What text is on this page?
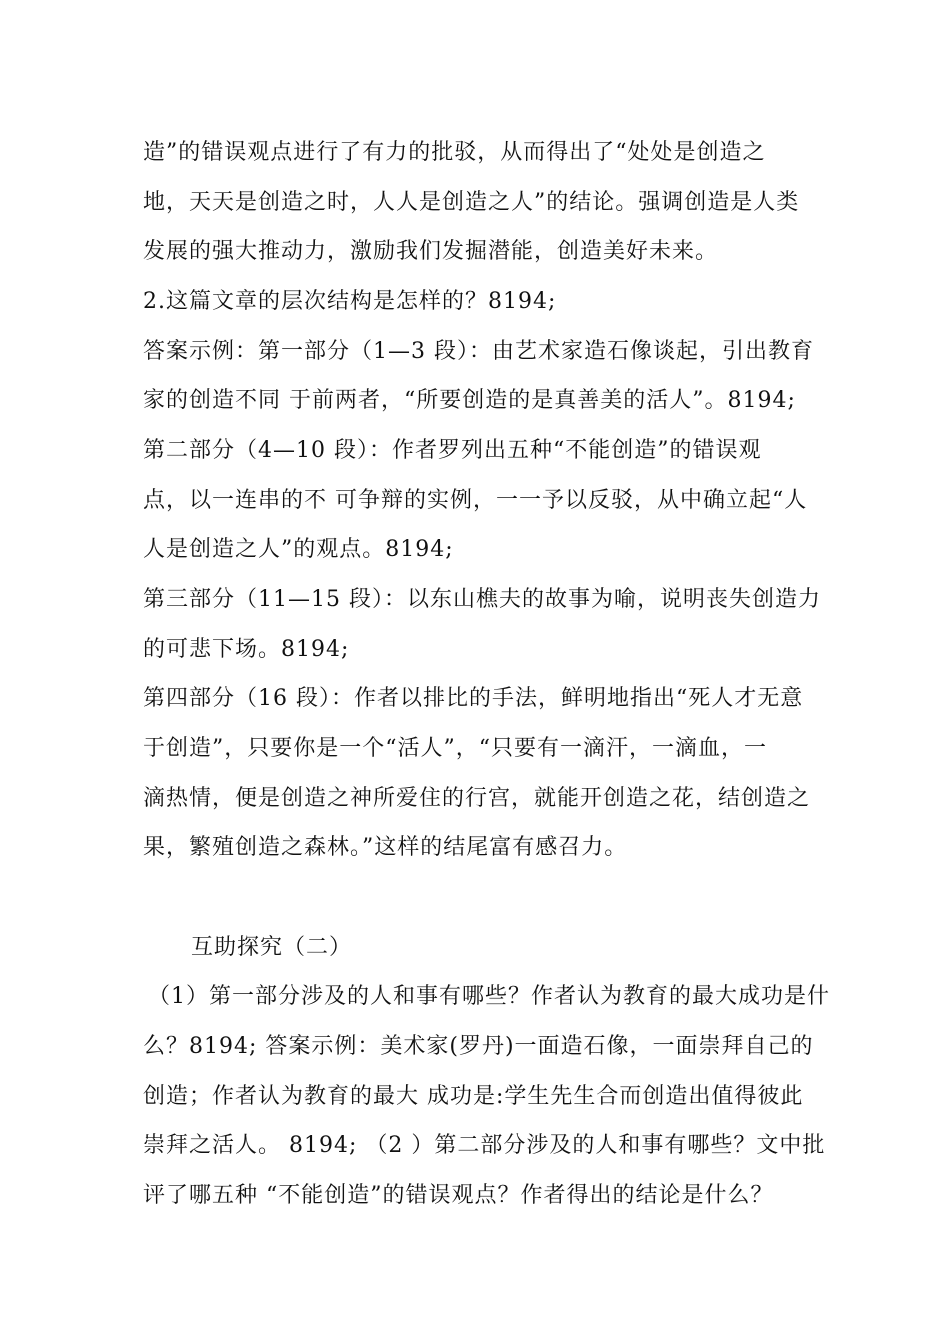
造”的错误观点进行了有力的批驳，从而得出了“处处是创造之
地，天天是创造之时，人人是创造之人”的结论。强调创造是人类
发展的强大推动力，激励我们发掘潜能，创造美好未来。
2.这篇文章的层次结构是怎样的？8194;
答案示例：第一部分（1—3 段）：由艺术家造石像谈起，引出教育
家的创造不同 于前两者，“所要创造的是真善美的活人”。8194;
第二部分（4—10 段）：作者罗列出五种“不能创造”的错误观
点，以一连串的不 可争辩的实例，一一予以反驳，从中确立起“人
人是创造之人”的观点。8194;
第三部分（11—15 段）：以东山樵夫的故事为喻，说明丧失创造力
的可悲下场。8194;
第四部分（16 段）：作者以排比的手法，鲜明地指出“死人才无意
于创造”，只要你是一个“活人”，“只要有一滴汗，一滴血，一
滴热情，便是创造之神所爱住的行宫，就能开创造之花，结创造之
果，繁殖创造之森林。”这样的结尾富有感召力。
互助探究（二）
（1）第一部分涉及的人和事有哪些？作者认为教育的最大成功是什
么？8194; 答案示例：美术家(罗丹)一面造石像，一面崇拜自己的
创造；作者认为教育的最大 成功是:学生先生合而创造出值得彼此
崇拜之活人。 8194; （2 ）第二部分涉及的人和事有哪些？文中批
评了哪五种 “不能创造”的错误观点？作者得出的结论是什么？
